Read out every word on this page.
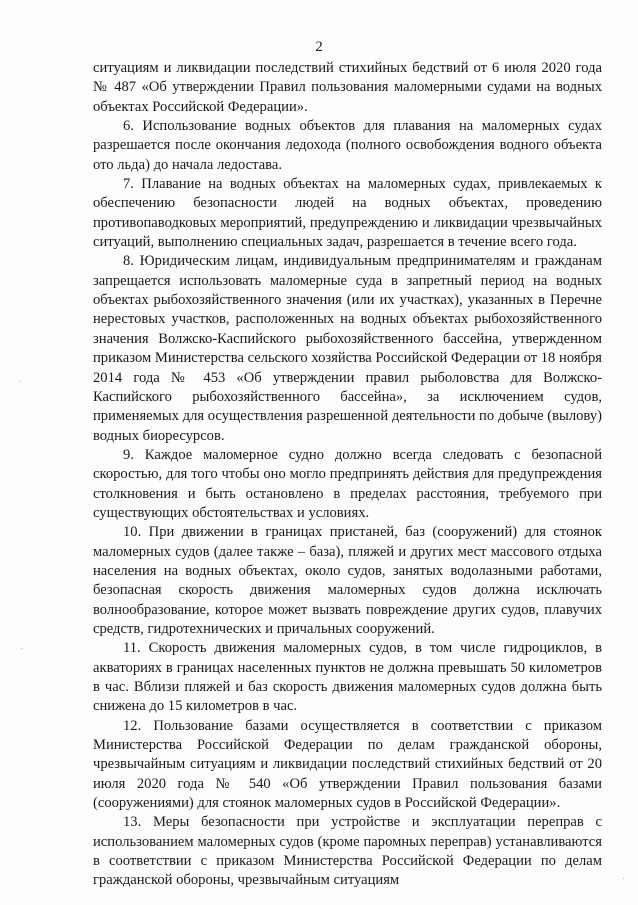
2

ситуациям и ликвидации последствий стихийных бедствий от 6 июля 2020 года № 487 «Об утверждении Правил пользования маломерными судами на водных объектах Российской Федерации».

6. Использование водных объектов для плавания на маломерных судах разрешается после окончания ледохода (полного освобождения водного объекта ото льда) до начала ледостава.

7. Плавание на водных объектах на маломерных судах, привлекаемых к обеспечению безопасности людей на водных объектах, проведению противопаводковых мероприятий, предупреждению и ликвидации чрезвычайных ситуаций, выполнению специальных задач, разрешается в течение всего года.

8. Юридическим лицам, индивидуальным предпринимателям и гражданам запрещается использовать маломерные суда в запретный период на водных объектах рыбохозяйственного значения (или их участках), указанных в Перечне нерестовых участков, расположенных на водных объектах рыбохозяйственного значения Волжско-Каспийского рыбохозяйственного бассейна, утвержденном приказом Министерства сельского хозяйства Российской Федерации от 18 ноября 2014 года № 453 «Об утверждении правил рыболовства для Волжско-Каспийского рыбохозяйственного бассейна», за исключением судов, применяемых для осуществления разрешенной деятельности по добыче (вылову) водных биоресурсов.

9. Каждое маломерное судно должно всегда следовать с безопасной скоростью, для того чтобы оно могло предпринять действия для предупреждения столкновения и быть остановлено в пределах расстояния, требуемого при существующих обстоятельствах и условиях.

10. При движении в границах пристаней, баз (сооружений) для стоянок маломерных судов (далее также – база), пляжей и других мест массового отдыха населения на водных объектах, около судов, занятых водолазными работами, безопасная скорость движения маломерных судов должна исключать волнообразование, которое может вызвать повреждение других судов, плавучих средств, гидротехнических и причальных сооружений.

11. Скорость движения маломерных судов, в том числе гидроциклов, в акваториях в границах населенных пунктов не должна превышать 50 километров в час. Вблизи пляжей и баз скорость движения маломерных судов должна быть снижена до 15 километров в час.

12. Пользование базами осуществляется в соответствии с приказом Министерства Российской Федерации по делам гражданской обороны, чрезвычайным ситуациям и ликвидации последствий стихийных бедствий от 20 июля 2020 года № 540 «Об утверждении Правил пользования базами (сооружениями) для стоянок маломерных судов в Российской Федерации».

13. Меры безопасности при устройстве и эксплуатации переправ с использованием маломерных судов (кроме паромных переправ) устанавливаются в соответствии с приказом Министерства Российской Федерации по делам гражданской обороны, чрезвычайным ситуациям

·
·
·
